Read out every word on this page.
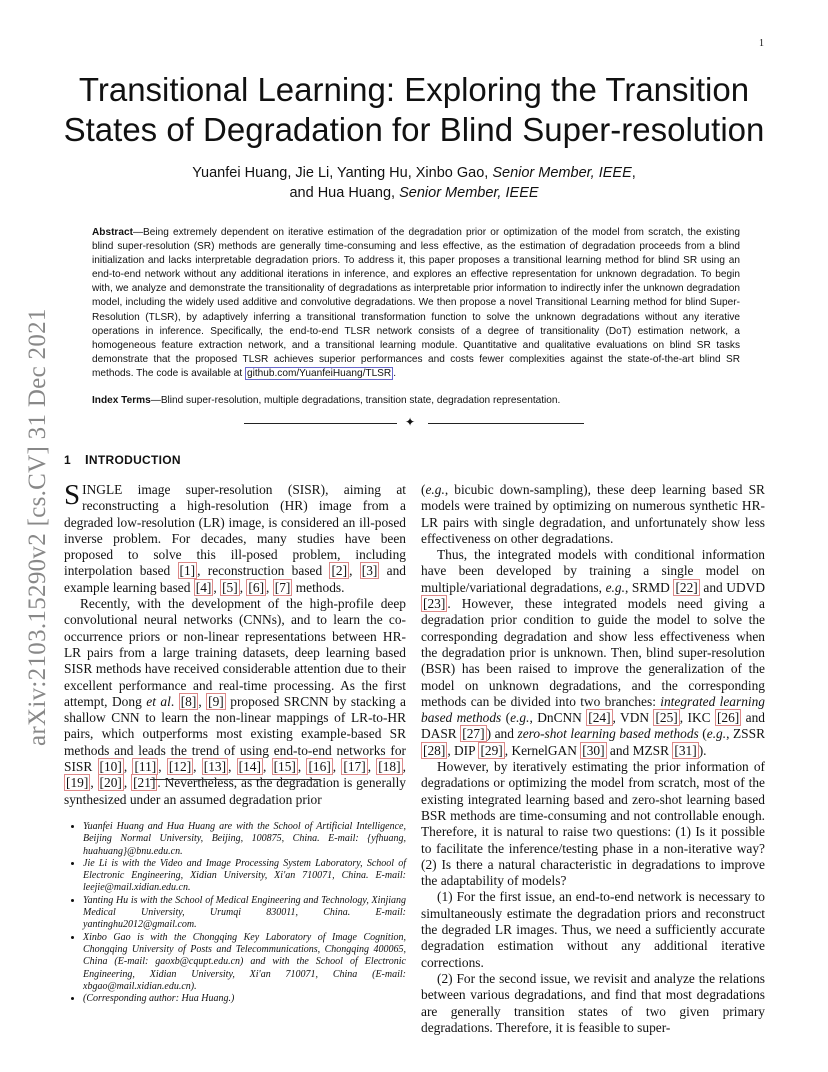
1
arXiv:2103.15290v2 [cs.CV] 31 Dec 2021
Transitional Learning: Exploring the Transition
States of Degradation for Blind Super-resolution
Yuanfei Huang, Jie Li, Yanting Hu, Xinbo Gao, Senior Member, IEEE,
and Hua Huang, Senior Member, IEEE
Abstract—Being extremely dependent on iterative estimation of the degradation prior or optimization of the model from scratch, the existing blind super-resolution (SR) methods are generally time-consuming and less effective, as the estimation of degradation proceeds from a blind initialization and lacks interpretable degradation priors. To address it, this paper proposes a transitional learning method for blind SR using an end-to-end network without any additional iterations in inference, and explores an effective representation for unknown degradation. To begin with, we analyze and demonstrate the transitionality of degradations as interpretable prior information to indirectly infer the unknown degradation model, including the widely used additive and convolutive degradations. We then propose a novel Transitional Learning method for blind Super-Resolution (TLSR), by adaptively inferring a transitional transformation function to solve the unknown degradations without any iterative operations in inference. Specifically, the end-to-end TLSR network consists of a degree of transitionality (DoT) estimation network, a homogeneous feature extraction network, and a transitional learning module. Quantitative and qualitative evaluations on blind SR tasks demonstrate that the proposed TLSR achieves superior performances and costs fewer complexities against the state-of-the-art blind SR methods. The code is available at github.com/YuanfeiHuang/TLSR .
Index Terms—Blind super-resolution, multiple degradations, transition state, degradation representation.
✦
1 INTRODUCTION

SINGLE image super-resolution (SISR), aiming at reconstructing a high-resolution (HR) image from a degraded low-resolution (LR) image, is considered an ill-posed inverse problem. For decades, many studies have been proposed to solve this ill-posed problem, including interpolation based [1] , reconstruction based [2] , [3] and example learning based [4] , [5] , [6] , [7] methods.

Recently, with the development of the high-profile deep convolutional neural networks (CNNs), and to learn the co-occurrence priors or non-linear representations between HR-LR pairs from a large training datasets, deep learning based SISR methods have received considerable attention due to their excellent performance and real-time processing. As the first attempt, Dong et al. [8] , [9] proposed SRCNN by stacking a shallow CNN to learn the non-linear mappings of LR-to-HR pairs, which outperforms most existing example-based SR methods and leads the trend of using end-to-end networks for SISR [10] , [11] , [12] , [13] , [14] , [15] , [16] , [17] , [18] , [19] , [20] , [21] . Nevertheless, as the degradation is generally synthesized under an assumed degradation prior

• Yuanfei Huang and Hua Huang are with the School of Artificial Intelligence, Beijing Normal University, Beijing, 100875, China. E-mail: {yfhuang, huahuang}@bnu.edu.cn.
• Jie Li is with the Video and Image Processing System Laboratory, School of Electronic Engineering, Xidian University, Xi'an 710071, China. E-mail: leejie@mail.xidian.edu.cn.
• Yanting Hu is with the School of Medical Engineering and Technology, Xinjiang Medical University, Urumqi 830011, China. E-mail: yantinghu2012@gmail.com.
• Xinbo Gao is with the Chongqing Key Laboratory of Image Cognition, Chongqing University of Posts and Telecommunications, Chongqing 400065, China (E-mail: gaoxb@cqupt.edu.cn) and with the School of Electronic Engineering, Xidian University, Xi'an 710071, China (E-mail: xbgao@mail.xidian.edu.cn).
• (Corresponding author: Hua Huang.)

(e.g., bicubic down-sampling), these deep learning based SR models were trained by optimizing on numerous synthetic HR-LR pairs with single degradation, and unfortunately show less effectiveness on other degradations.

Thus, the integrated models with conditional information have been developed by training a single model on multiple/variational degradations, e.g., SRMD [22] and UDVD [23] . However, these integrated models need giving a degradation prior condition to guide the model to solve the corresponding degradation and show less effectiveness when the degradation prior is unknown. Then, blind super-resolution (BSR) has been raised to improve the generalization of the model on unknown degradations, and the corresponding methods can be divided into two branches: integrated learning based methods (e.g., DnCNN [24] , VDN [25] , IKC [26] and DASR [27] ) and zero-shot learning based methods (e.g., ZSSR [28] , DIP [29] , KernelGAN [30] and MZSR [31] ).

However, by iteratively estimating the prior information of degradations or optimizing the model from scratch, most of the existing integrated learning based and zero-shot learning based BSR methods are time-consuming and not controllable enough. Therefore, it is natural to raise two questions: (1) Is it possible to facilitate the inference/testing phase in a non-iterative way? (2) Is there a natural characteristic in degradations to improve the adaptability of models?

(1) For the first issue, an end-to-end network is necessary to simultaneously estimate the degradation priors and reconstruct the degraded LR images. Thus, we need a sufficiently accurate degradation estimation without any additional iterative corrections.

(2) For the second issue, we revisit and analyze the relations between various degradations, and find that most degradations are generally transition states of two given primary degradations. Therefore, it is feasible to super-
